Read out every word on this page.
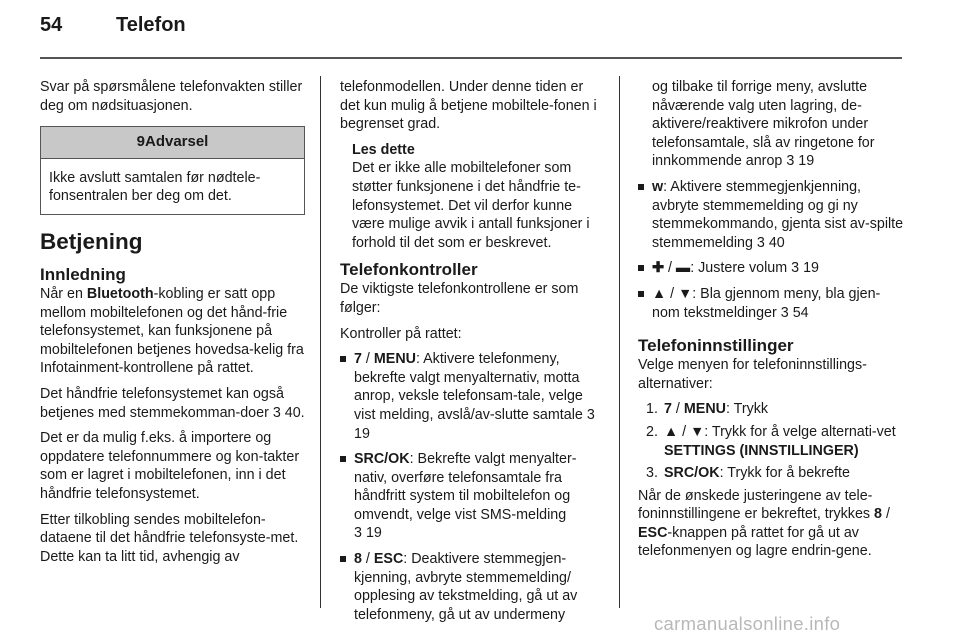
54	Telefon

Svar på spørsmålene telefonvakten stiller deg om nødsituasjonen.

9Advarsel
Ikke avslutt samtalen før nødtele-fonsentralen ber deg om det.
Betjening
Innledning

Når en Bluetooth-kobling er satt opp mellom mobiltelefonen og det hånd-frie telefonsystemet, kan funksjonene på mobiltelefonen betjenes hovedsa-kelig fra Infotainment-kontrollene på rattet.

Det håndfrie telefonsystemet kan også betjenes med stemmekomman-doer 3 40.

Det er da mulig f.eks. å importere og oppdatere telefonnummere og kon-takter som er lagret i mobiltelefonen, inn i det håndfrie telefonsystemet.

Etter tilkobling sendes mobiltelefon-dataene til det håndfrie telefonsyste-met. Dette kan ta litt tid, avhengig av

telefonmodellen. Under denne tiden er det kun mulig å betjene mobiltele-fonen i begrenset grad.

Les dette
Det er ikke alle mobiltelefoner som støtter funksjonene i det håndfrie te-lefonsystemet. Det vil derfor kunne være mulige avvik i antall funksjoner i forhold til det som er beskrevet.
Telefonkontroller

De viktigste telefonkontrollene er som følger:

Kontroller på rattet:

7 / MENU: Aktivere telefonmeny, bekrefte valgt menyalternativ, motta anrop, veksle telefonsam-tale, velge vist melding, avslå/av-slutte samtale 3 19
SRC/OK: Bekrefte valgt menyalter-nativ, overføre telefonsamtale fra håndfritt system til mobiltelefon og omvendt, velge vist SMS-melding
3 19
8 / ESC: Deaktivere stemmegjen-kjenning, avbryte stemmemelding/ opplesing av tekstmelding, gå ut av telefonmeny, gå ut av undermeny
og tilbake til forrige meny, avslutte nåværende valg uten lagring, de-aktivere/reaktivere mikrofon under telefonsamtale, slå av ringetone for innkommende anrop 3 19
w: Aktivere stemmegjenkjenning, avbryte stemmemelding og gi ny stemmekommando, gjenta sist av-spilte stemmemelding 3 40
✚ / ▬: Justere volum 3 19
▲ / ▼: Bla gjennom meny, bla gjen-nom tekstmeldinger 3 54
Telefoninnstillinger

Velge menyen for telefoninnstillings-alternativer:

1. 7 / MENU: Trykk
2. ▲ / ▼: Trykk for å velge alternati-vet SETTINGS (INNSTILLINGER)
3. SRC/OK: Trykk for å bekrefte

Når de ønskede justeringene av tele-foninnstillingene er bekreftet, trykkes 8 / ESC-knappen på rattet for gå ut av telefonmenyen og lagre endrin-gene.

carmanualsonline.info
